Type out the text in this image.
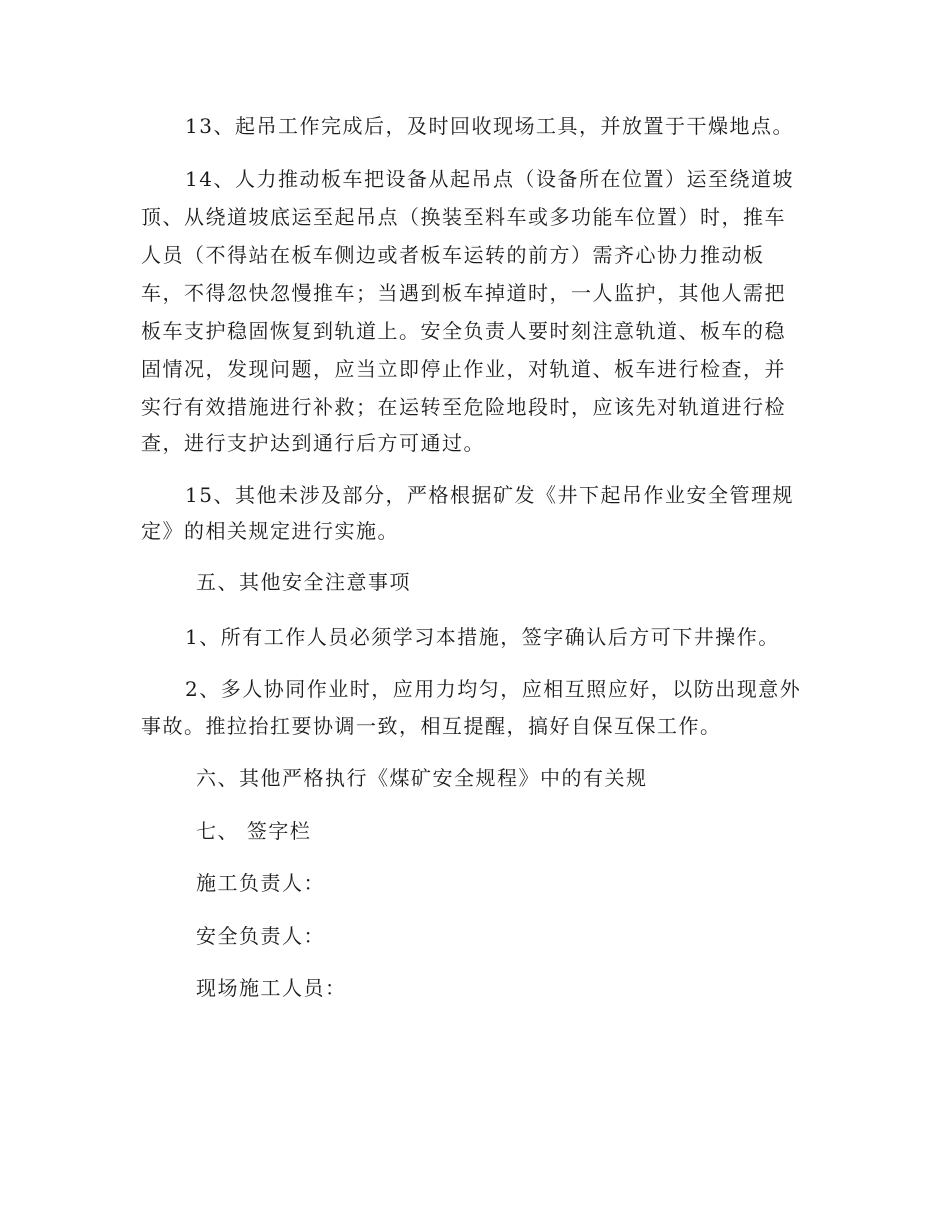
13、起吊工作完成后，及时回收现场工具，并放置于干燥地点。

14、人力推动板车把设备从起吊点（设备所在位置）运至绕道坡

顶、从绕道坡底运至起吊点（换装至料车或多功能车位置）时，推车

人员（不得站在板车侧边或者板车运转的前方）需齐心协力推动板

车，不得忽快忽慢推车；当遇到板车掉道时，一人监护，其他人需把

板车支护稳固恢复到轨道上。安全负责人要时刻注意轨道、板车的稳

固情况，发现问题，应当立即停止作业，对轨道、板车进行检查，并

实行有效措施进行补救；在运转至危险地段时，应该先对轨道进行检

查，进行支护达到通行后方可通过。

15、其他未涉及部分，严格根据矿发《井下起吊作业安全管理规

定》的相关规定进行实施。

五、其他安全注意事项

1、所有工作人员必须学习本措施，签字确认后方可下井操作。

2、多人协同作业时，应用力均匀，应相互照应好，以防出现意外

事故。推拉抬扛要协调一致，相互提醒，搞好自保互保工作。

六、其他严格执行《煤矿安全规程》中的有关规

七、 签字栏

施工负责人：

安全负责人：

现场施工人员：
